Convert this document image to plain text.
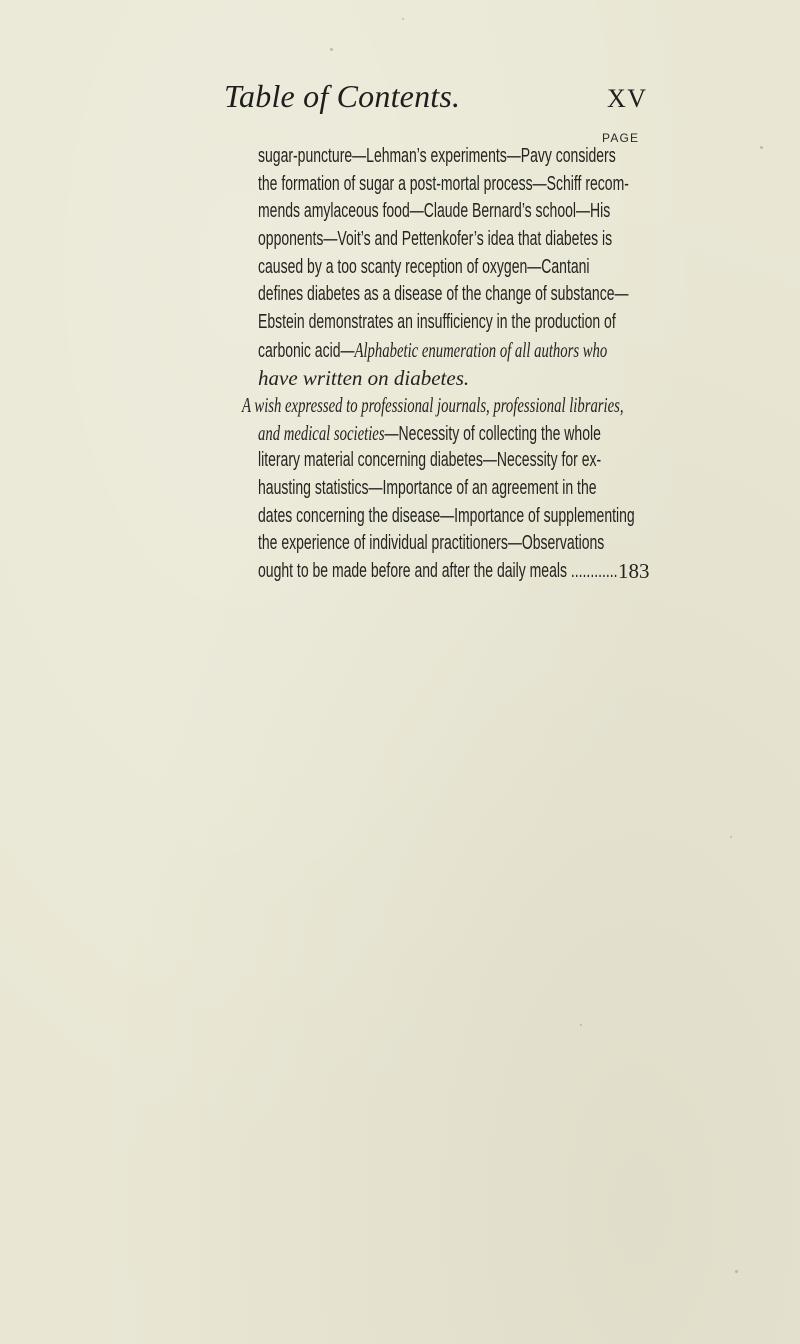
Table of Contents.	XV
PAGE
sugar-puncture—Lehman’s experiments—Pavy considers
the formation of sugar a post-mortal process—Schiff recom-
mends amylaceous food—Claude Bernard’s school—His
opponents—Voit’s and Pettenkofer’s idea that diabetes is
caused by a too scanty reception of oxygen—Cantani
defines diabetes as a disease of the change of substance—
Ebstein demonstrates an insufficiency in the production of
carbonic acid—Alphabetic enumeration of all authors who
have written on diabetes.
A wish expressed to professional journals, professional libraries,
and medical societies—Necessity of collecting the whole
literary material concerning diabetes—Necessity for ex-
hausting statistics—Importance of an agreement in the
dates concerning the disease—Importance of supplementing
the experience of individual practitioners—Observations
ought to be made before and after the daily meals ............ 183
